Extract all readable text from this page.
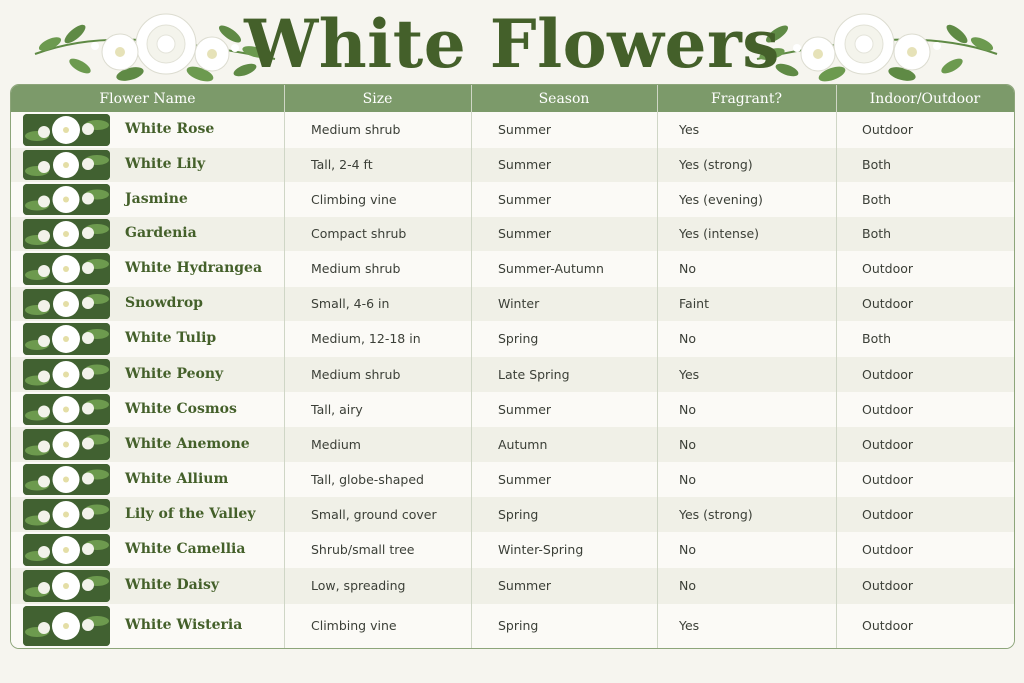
White Flowers
Flower Name	Size	Season	Fragrant?	Indoor/Outdoor
White Rose	Medium shrub	Summer	Yes	Outdoor
White Lily	Tall, 2-4 ft	Summer	Yes (strong)	Both
Jasmine	Climbing vine	Summer	Yes (evening)	Both
Gardenia	Compact shrub	Summer	Yes (intense)	Both
White Hydrangea	Medium shrub	Summer-Autumn	No	Outdoor
Snowdrop	Small, 4-6 in	Winter	Faint	Outdoor
White Tulip	Medium, 12-18 in	Spring	No	Both
White Peony	Medium shrub	Late Spring	Yes	Outdoor
White Cosmos	Tall, airy	Summer	No	Outdoor
White Anemone	Medium	Autumn	No	Outdoor
White Allium	Tall, globe-shaped	Summer	No	Outdoor
Lily of the Valley	Small, ground cover	Spring	Yes (strong)	Outdoor
White Camellia	Shrub/small tree	Winter-Spring	No	Outdoor
White Daisy	Low, spreading	Summer	No	Outdoor
White Wisteria	Climbing vine	Spring	Yes	Outdoor
